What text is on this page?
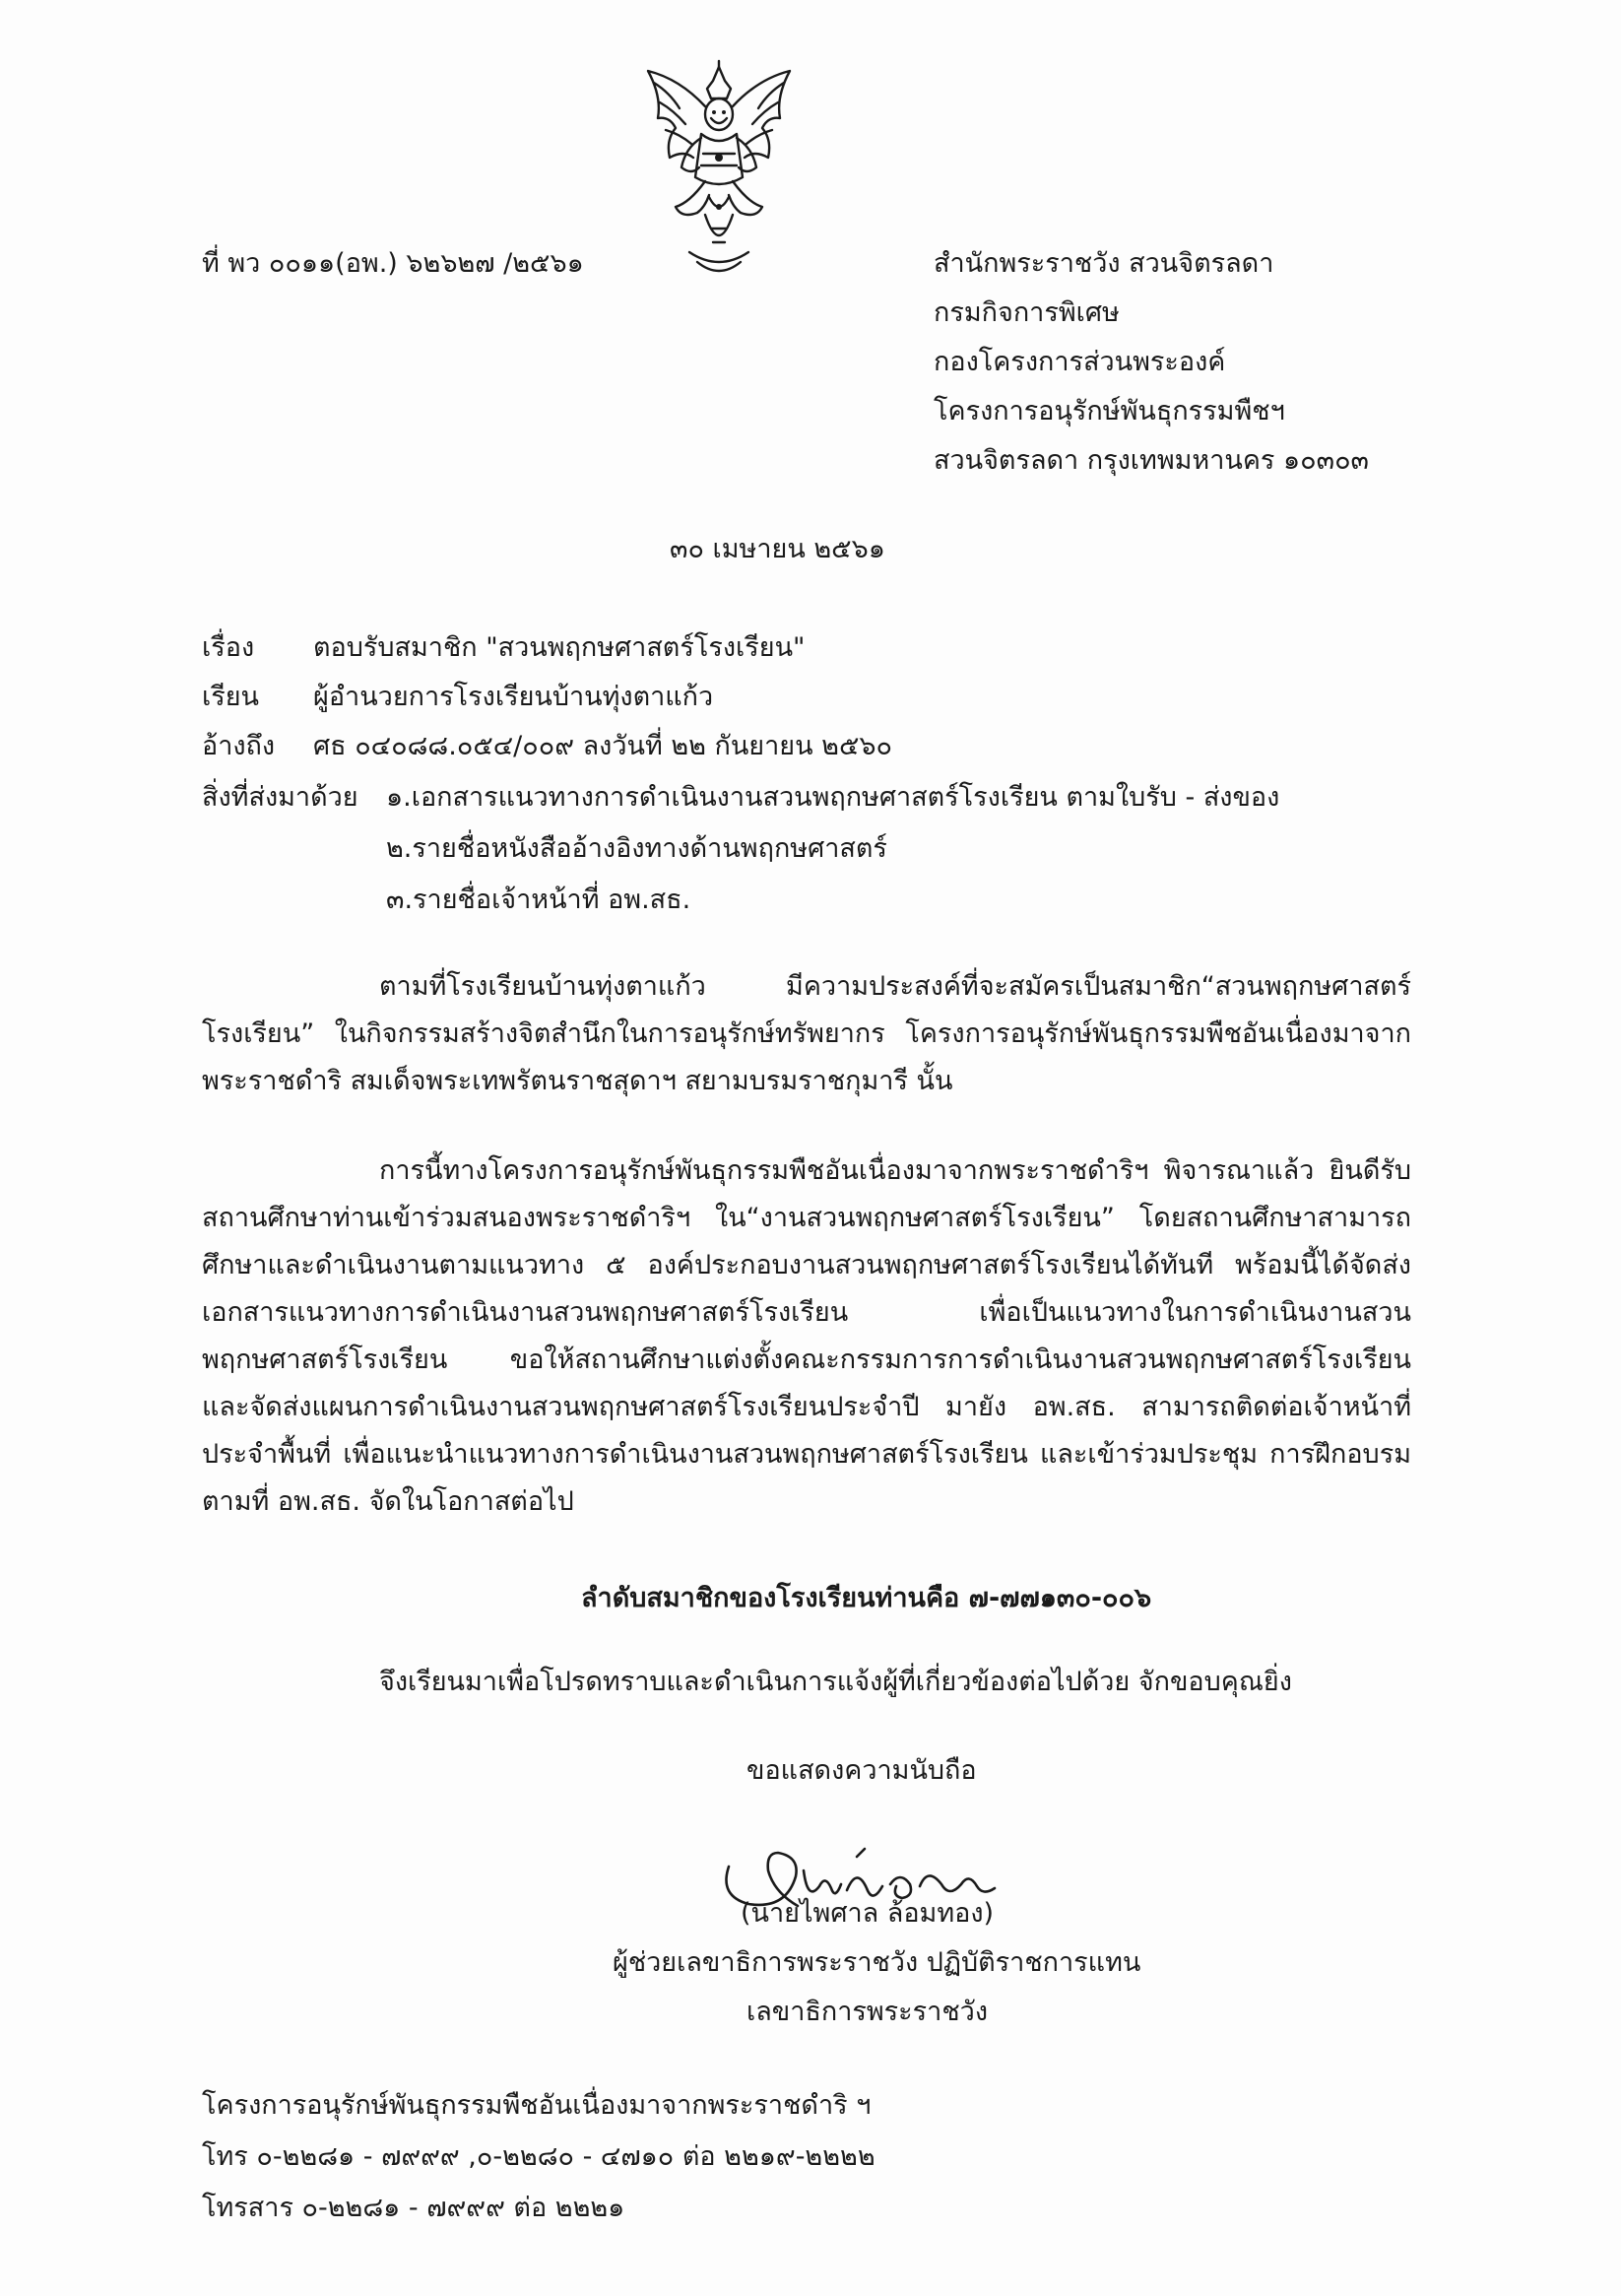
ที่ พว ๐๐๑๑(อพ.) ๖๒๖๒๗ /๒๕๖๑	สำนักพระราชวัง สวนจิตรลดา
กรมกิจการพิเศษ
กองโครงการส่วนพระองค์
โครงการอนุรักษ์พันธุกรรมพืชฯ
สวนจิตรลดา กรุงเทพมหานคร ๑๐๓๐๓
๓๐ เมษายน ๒๕๖๑
เรื่อง ตอบรับสมาชิก "สวนพฤกษศาสตร์โรงเรียน"
เรียน ผู้อำนวยการโรงเรียนบ้านทุ่งตาแก้ว
อ้างถึง ศธ ๐๔๐๘๘.๐๕๔/๐๐๙ ลงวันที่ ๒๒ กันยายน ๒๕๖๐
สิ่งที่ส่งมาด้วย ๑.เอกสารแนวทางการดำเนินงานสวนพฤกษศาสตร์โรงเรียน ตามใบรับ - ส่งของ
๒.รายชื่อหนังสืออ้างอิงทางด้านพฤกษศาสตร์
๓.รายชื่อเจ้าหน้าที่ อพ.สธ.
ตามที่โรงเรียนบ้านทุ่งตาแก้ว มีความประสงค์ที่จะสมัครเป็นสมาชิก“สวนพฤกษศาสตร์โรงเรียน” ในกิจกรรมสร้างจิตสำนึกในการอนุรักษ์ทรัพยากร โครงการอนุรักษ์พันธุกรรมพืชอันเนื่องมาจากพระราชดำริ สมเด็จพระเทพรัตนราชสุดาฯ สยามบรมราชกุมารี นั้น
การนี้ทางโครงการอนุรักษ์พันธุกรรมพืชอันเนื่องมาจากพระราชดำริฯ พิจารณาแล้ว ยินดีรับสถานศึกษาท่านเข้าร่วมสนองพระราชดำริฯ ใน“งานสวนพฤกษศาสตร์โรงเรียน” โดยสถานศึกษาสามารถศึกษาและดำเนินงานตามแนวทาง ๕ องค์ประกอบงานสวนพฤกษศาสตร์โรงเรียนได้ทันที พร้อมนี้ได้จัดส่งเอกสารแนวทางการดำเนินงานสวนพฤกษศาสตร์โรงเรียน เพื่อเป็นแนวทางในการดำเนินงานสวนพฤกษศาสตร์โรงเรียน ขอให้สถานศึกษาแต่งตั้งคณะกรรมการการดำเนินงานสวนพฤกษศาสตร์โรงเรียน และจัดส่งแผนการดำเนินงานสวนพฤกษศาสตร์โรงเรียนประจำปี มายัง อพ.สธ. สามารถติดต่อเจ้าหน้าที่ ประจำพื้นที่ เพื่อแนะนำแนวทางการดำเนินงานสวนพฤกษศาสตร์โรงเรียน และเข้าร่วมประชุม การฝึกอบรม ตามที่ อพ.สธ. จัดในโอกาสต่อไป
ลำดับสมาชิกของโรงเรียนท่านคือ ๗-๗๗๑๓๐-๐๐๖
จึงเรียนมาเพื่อโปรดทราบและดำเนินการแจ้งผู้ที่เกี่ยวข้องต่อไปด้วย จักขอบคุณยิ่ง
ขอแสดงความนับถือ
(นายไพศาล ล้อมทอง)
ผู้ช่วยเลขาธิการพระราชวัง ปฏิบัติราชการแทน
เลขาธิการพระราชวัง
โครงการอนุรักษ์พันธุกรรมพืชอันเนื่องมาจากพระราชดำริ ฯ
โทร ๐-๒๒๘๑ - ๗๙๙๙ ,๐-๒๒๘๐ - ๔๗๑๐ ต่อ ๒๒๑๙-๒๒๒๒
โทรสาร ๐-๒๒๘๑ - ๗๙๙๙ ต่อ ๒๒๒๑
